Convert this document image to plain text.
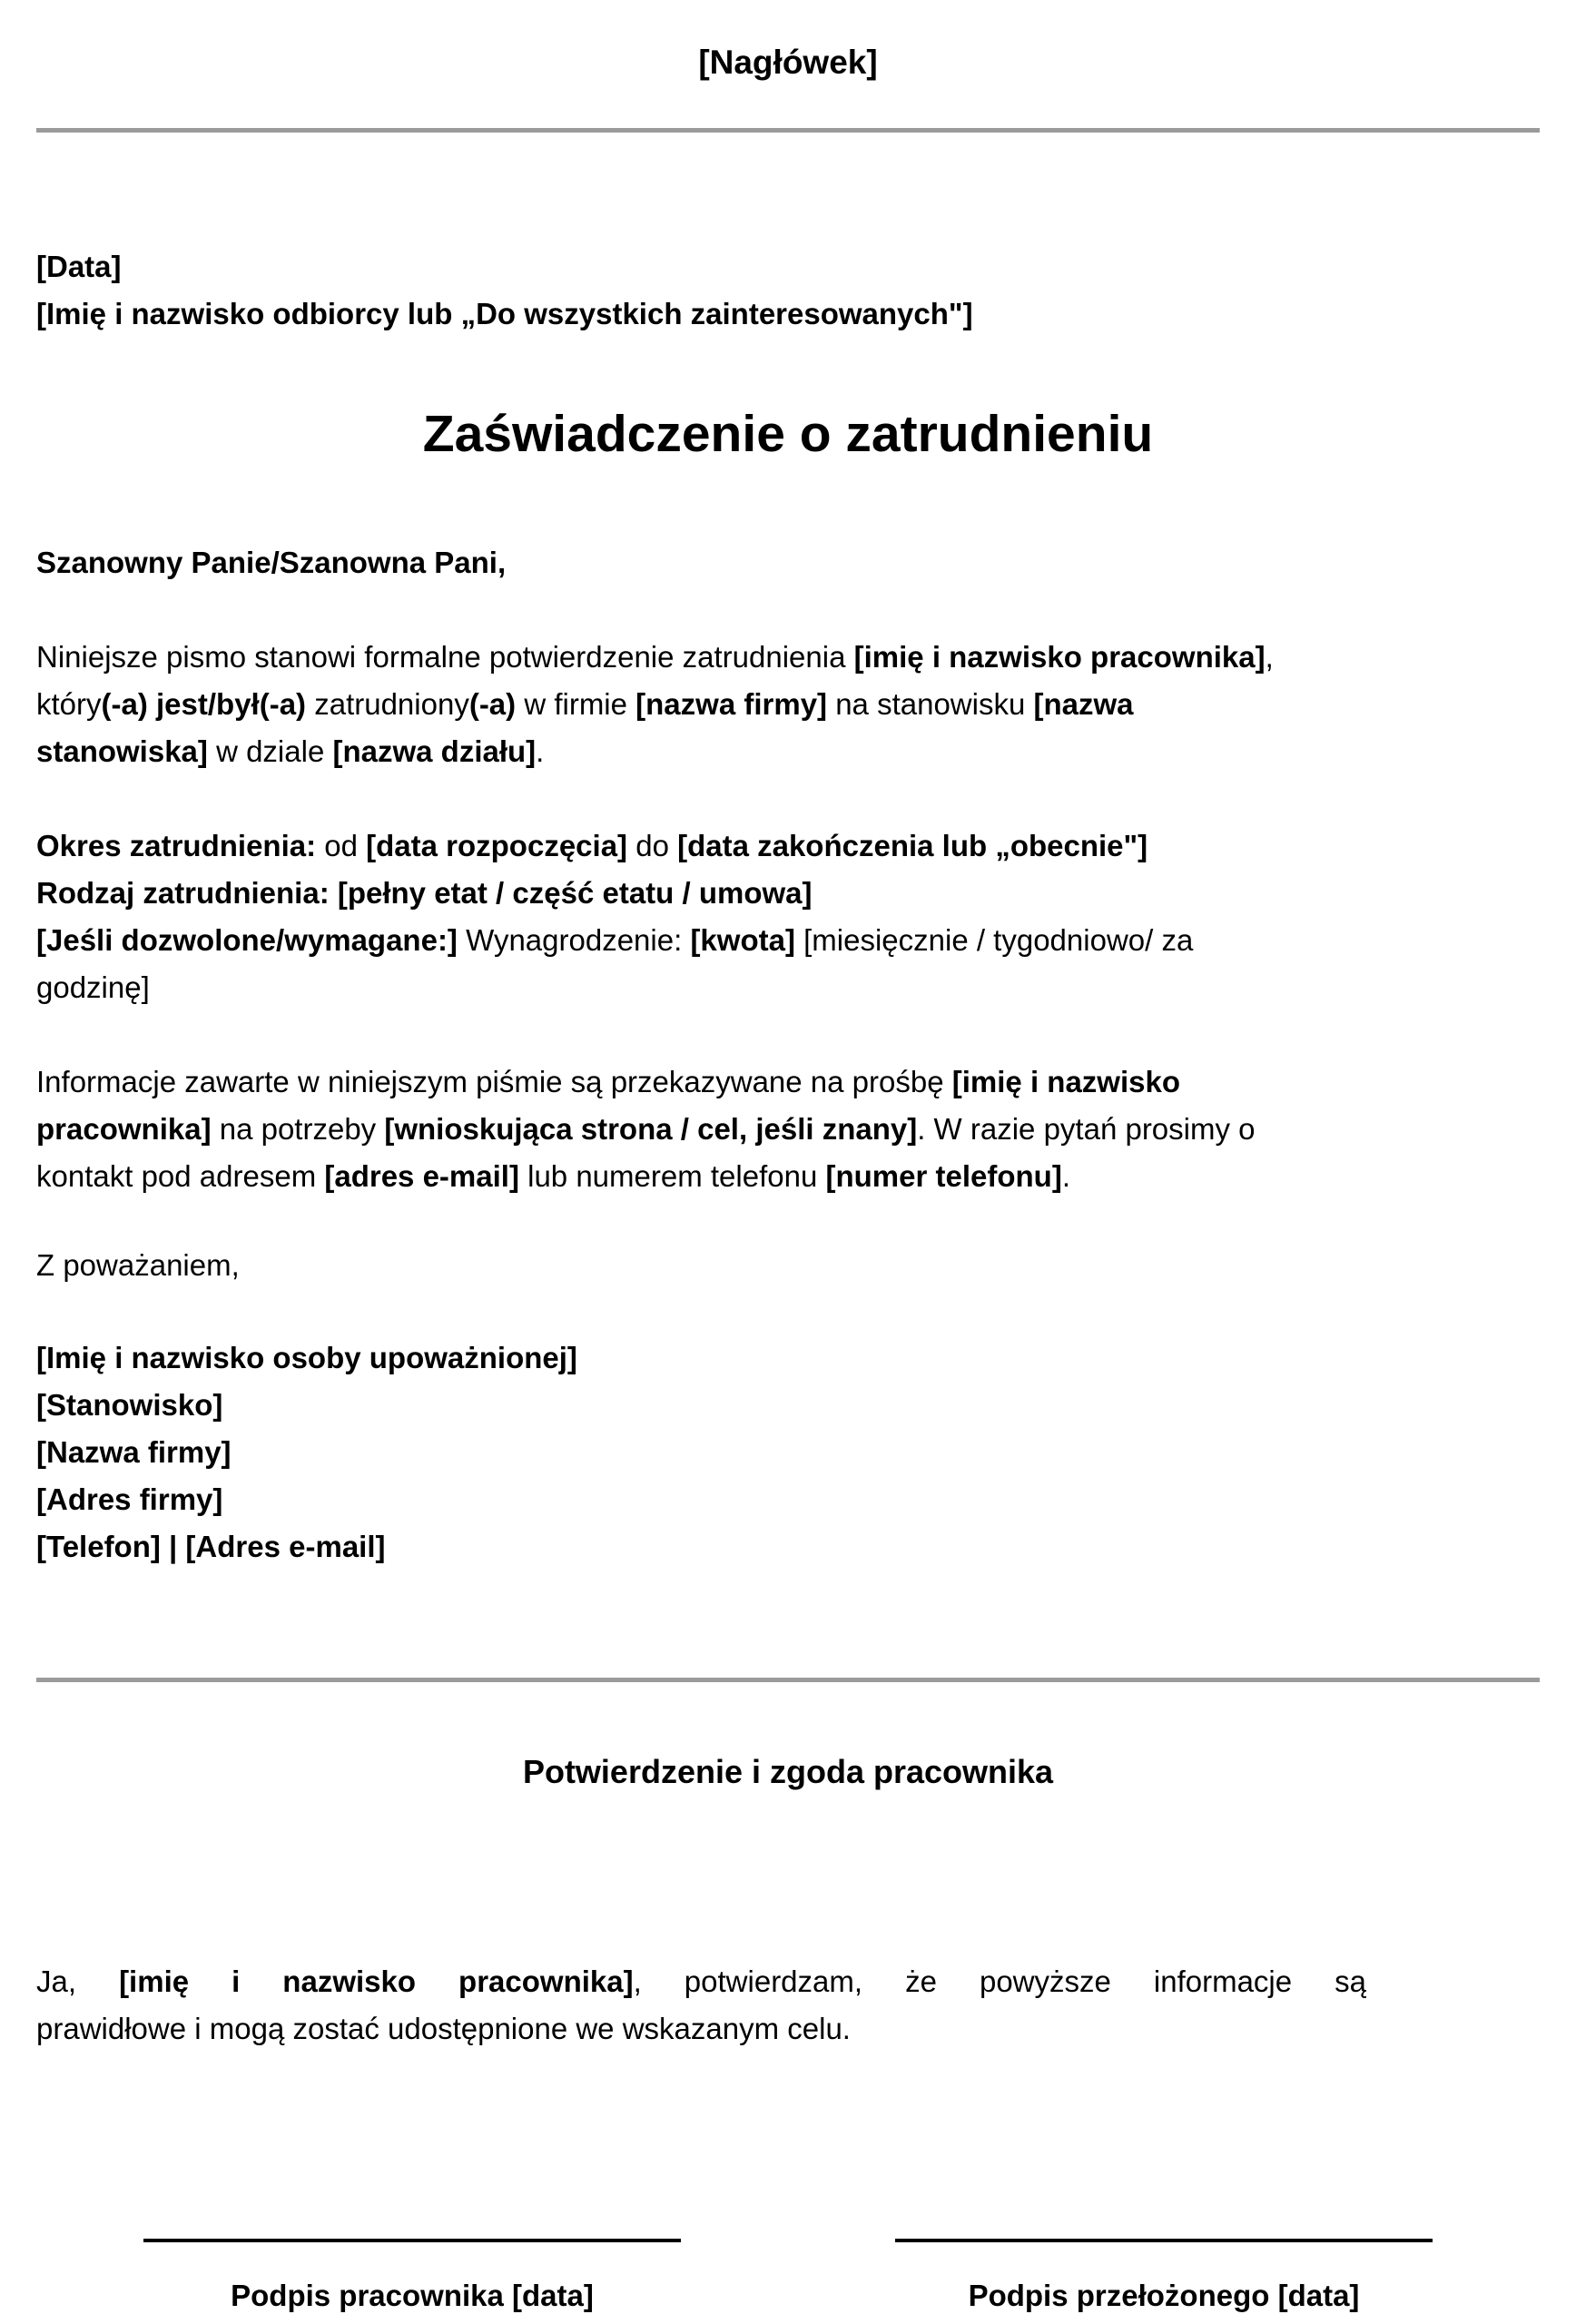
[Nagłówek]
[Data]
[Imię i nazwisko odbiorcy lub „Do wszystkich zainteresowanych"]
Zaświadczenie o zatrudnieniu
Szanowny Panie/Szanowna Pani,
Niniejsze pismo stanowi formalne potwierdzenie zatrudnienia [imię i nazwisko pracownika],
który(-a) jest/był(-a) zatrudniony(-a) w firmie [nazwa firmy] na stanowisku [nazwa
stanowiska] w dziale [nazwa działu].
Okres zatrudnienia: od [data rozpoczęcia] do [data zakończenia lub „obecnie"]
Rodzaj zatrudnienia: [pełny etat / część etatu / umowa]
[Jeśli dozwolone/wymagane:] Wynagrodzenie: [kwota] [miesięcznie / tygodniowo/ za
godzinę]
Informacje zawarte w niniejszym piśmie są przekazywane na prośbę [imię i nazwisko
pracownika] na potrzeby [wnioskująca strona / cel, jeśli znany]. W razie pytań prosimy o
kontakt pod adresem [adres e-mail] lub numerem telefonu [numer telefonu].
Z poważaniem,
[Imię i nazwisko osoby upoważnionej]
[Stanowisko]
[Nazwa firmy]
[Adres firmy]
[Telefon] | [Adres e-mail]
Potwierdzenie i zgoda pracownika
Ja, [imię i nazwisko pracownika], potwierdzam, że powyższe informacje są
prawidłowe i mogą zostać udostępnione we wskazanym celu.
Podpis pracownika [data]	Podpis przełożonego [data]
